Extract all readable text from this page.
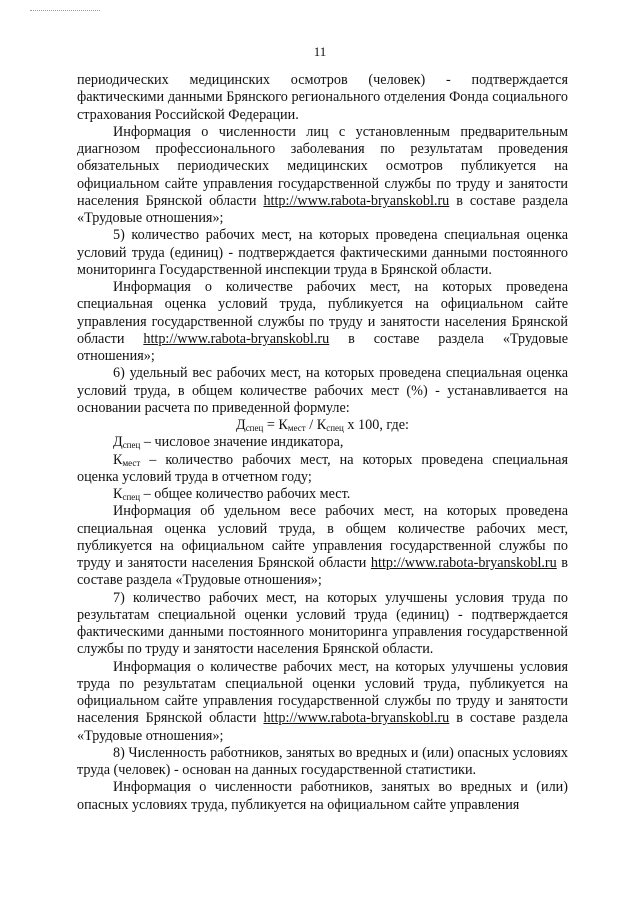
11

периодических медицинских осмотров (человек) - подтверждается фактическими данными Брянского регионального отделения Фонда социального страхования Российской Федерации.

Информация о численности лиц с установленным предварительным диагнозом профессионального заболевания по результатам проведения обязательных периодических медицинских осмотров публикуется на официальном сайте управления государственной службы по труду и занятости населения Брянской области http://www.rabota-bryanskobl.ru в составе раздела «Трудовые отношения»;

5) количество рабочих мест, на которых проведена специальная оценка условий труда (единиц) - подтверждается фактическими данными постоянного мониторинга Государственной инспекции труда в Брянской области.

Информация о количестве рабочих мест, на которых проведена специальная оценка условий труда, публикуется на официальном сайте управления государственной службы по труду и занятости населения Брянской области http://www.rabota-bryanskobl.ru в составе раздела «Трудовые отношения»;

6) удельный вес рабочих мест, на которых проведена специальная оценка условий труда, в общем количестве рабочих мест (%) - устанавливается на основании расчета по приведенной формуле:

$Д_{спец} = К_{мест} / К_{спец}$ х 100, где:

$Д_{спец}$ – числовое значение индикатора,

$К_{мест}$ – количество рабочих мест, на которых проведена специальная оценка условий труда в отчетном году;

$К_{спец}$ – общее количество рабочих мест.

Информация об удельном весе рабочих мест, на которых проведена специальная оценка условий труда, в общем количестве рабочих мест, публикуется на официальном сайте управления государственной службы по труду и занятости населения Брянской области http://www.rabota-bryanskobl.ru в составе раздела «Трудовые отношения»;

7) количество рабочих мест, на которых улучшены условия труда по результатам специальной оценки условий труда (единиц) - подтверждается фактическими данными постоянного мониторинга управления государственной службы по труду и занятости населения Брянской области.

Информация о количестве рабочих мест, на которых улучшены условия труда по результатам специальной оценки условий труда, публикуется на официальном сайте управления государственной службы по труду и занятости населения Брянской области http://www.rabota-bryanskobl.ru в составе раздела «Трудовые отношения»;

8) Численность работников, занятых во вредных и (или) опасных условиях труда (человек) - основан на данных государственной статистики.

Информация о численности работников, занятых во вредных и (или) опасных условиях труда, публикуется на официальном сайте управления
